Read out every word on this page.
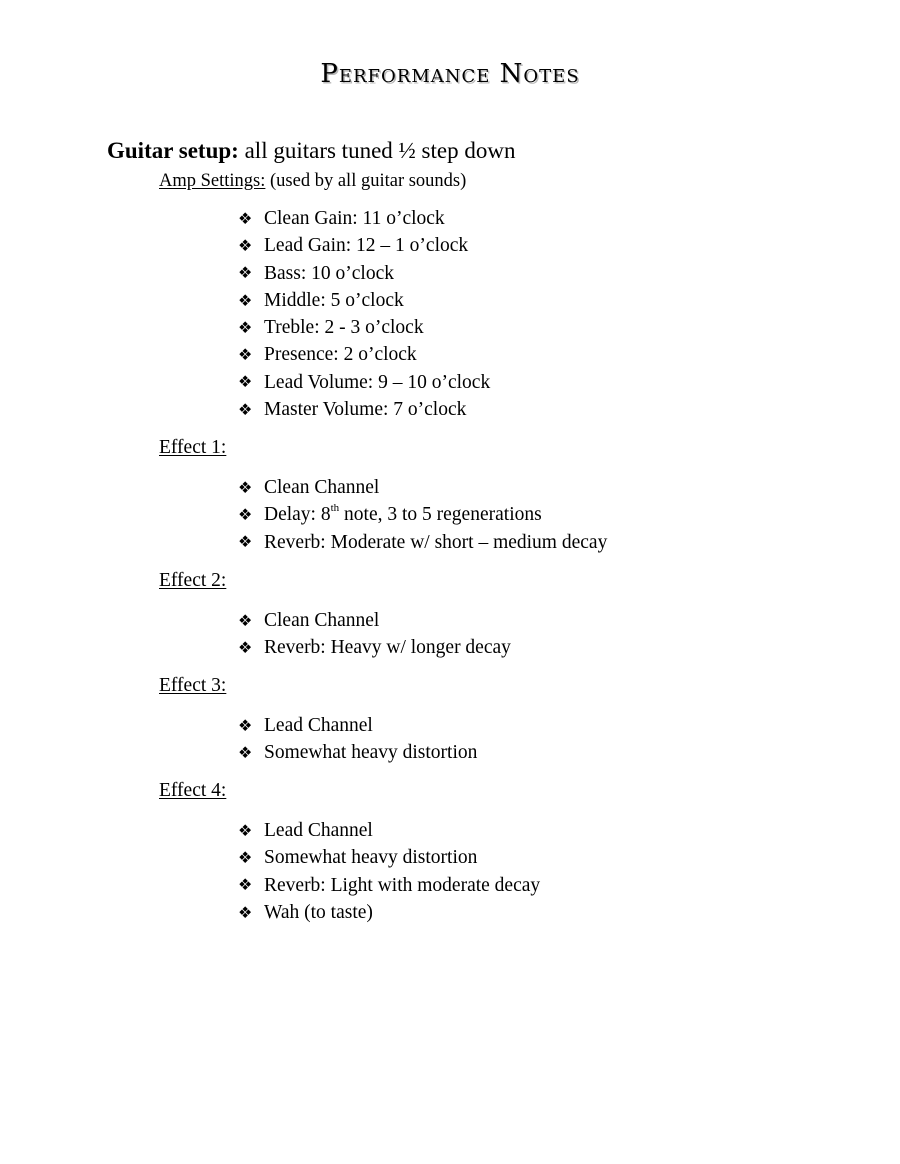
Performance Notes
Guitar setup: all guitars tuned ½ step down
Amp Settings: (used by all guitar sounds)
❖ Clean Gain: 11 o’clock
❖ Lead Gain: 12 – 1 o’clock
❖ Bass: 10 o’clock
❖ Middle: 5 o’clock
❖ Treble: 2 - 3 o’clock
❖ Presence: 2 o’clock
❖ Lead Volume: 9 – 10 o’clock
❖ Master Volume: 7 o’clock
Effect 1:
❖ Clean Channel
❖ Delay: 8th note, 3 to 5 regenerations
❖ Reverb: Moderate w/ short – medium decay
Effect 2:
❖ Clean Channel
❖ Reverb: Heavy w/ longer decay
Effect 3:
❖ Lead Channel
❖ Somewhat heavy distortion
Effect 4:
❖ Lead Channel
❖ Somewhat heavy distortion
❖ Reverb: Light with moderate decay
❖ Wah (to taste)
